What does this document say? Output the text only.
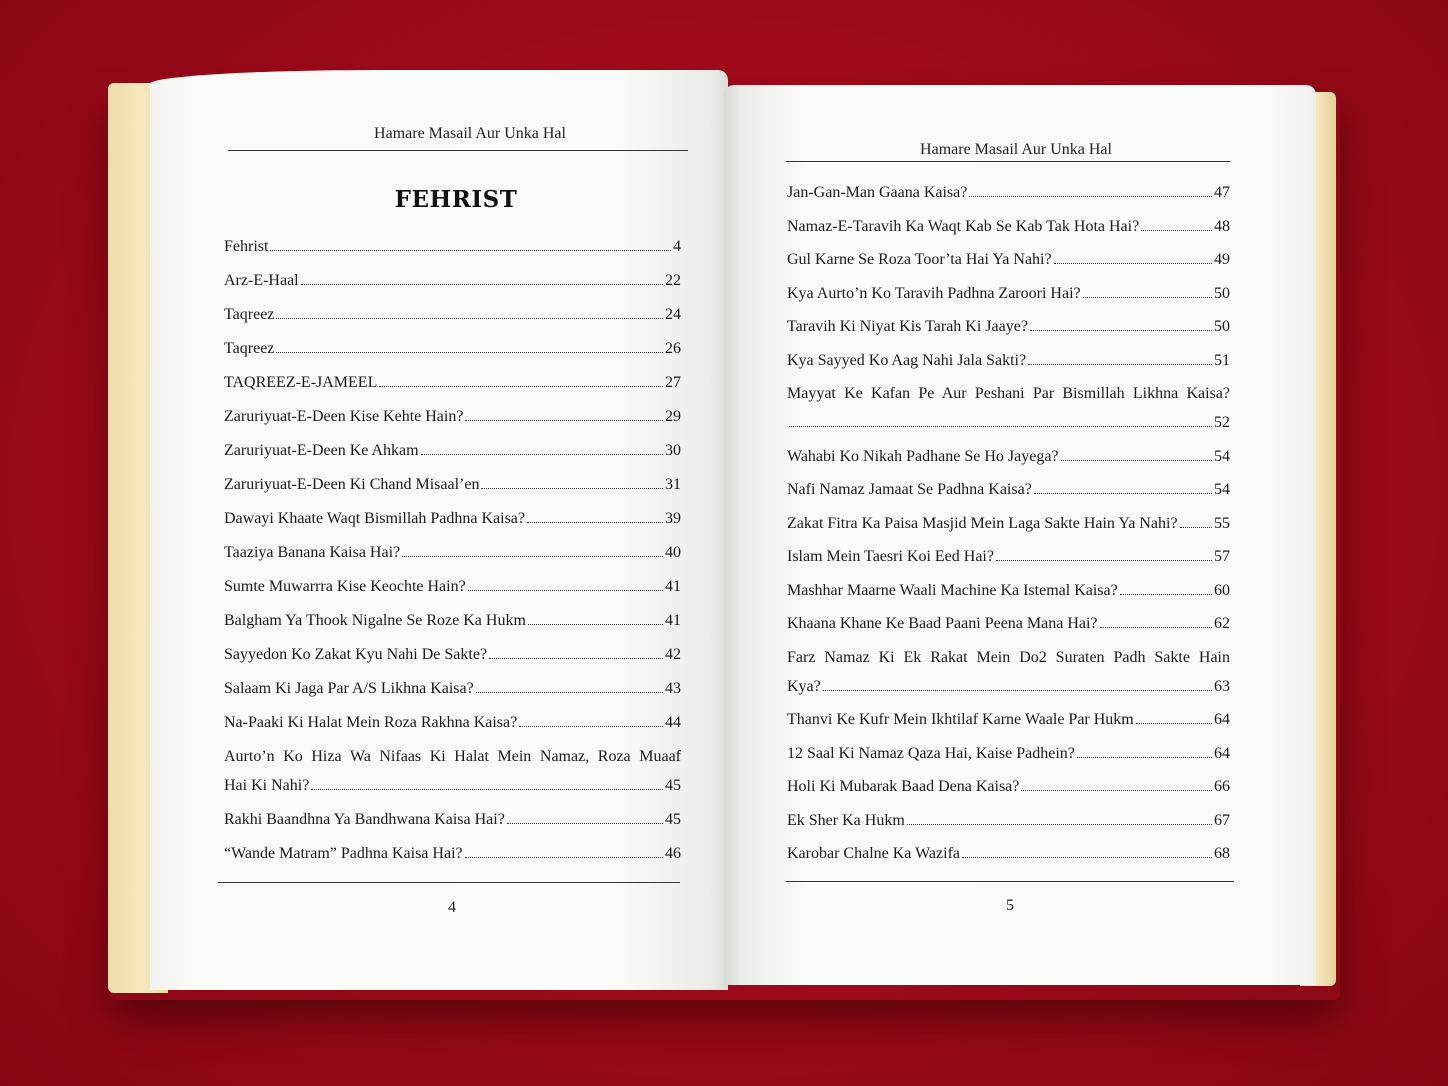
Hamare Masail Aur Unka Hal
FEHRIST
Fehrist	4
Arz-E-Haal	22
Taqreez	24
Taqreez	26
TAQREEZ-E-JAMEEL	27
Zaruriyuat-E-Deen Kise Kehte Hain?	29
Zaruriyuat-E-Deen Ke Ahkam	30
Zaruriyuat-E-Deen Ki Chand Misaal’en	31
Dawayi Khaate Waqt Bismillah Padhna Kaisa?	39
Taaziya Banana Kaisa Hai?	40
Sumte Muwarrra Kise Keochte Hain?	41
Balgham Ya Thook Nigalne Se Roze Ka Hukm	41
Sayyedon Ko Zakat Kyu Nahi De Sakte?	42
Salaam Ki Jaga Par A/S Likhna Kaisa?	43
Na-Paaki Ki Halat Mein Roza Rakhna Kaisa?	44
Aurto’n Ko Hiza Wa Nifaas Ki Halat Mein Namaz, Roza Muaaf
Hai Ki Nahi?	45
Rakhi Baandhna Ya Bandhwana Kaisa Hai?	45
“Wande Matram” Padhna Kaisa Hai?	46
4
Hamare Masail Aur Unka Hal
Jan-Gan-Man Gaana Kaisa?	47
Namaz-E-Taravih Ka Waqt Kab Se Kab Tak Hota Hai?	48
Gul Karne Se Roza Toor’ta Hai Ya Nahi?	49
Kya Aurto’n Ko Taravih Padhna Zaroori Hai?	50
Taravih Ki Niyat Kis Tarah Ki Jaaye?	50
Kya Sayyed Ko Aag Nahi Jala Sakti?	51
Mayyat Ke Kafan Pe Aur Peshani Par Bismillah Likhna Kaisa?
52
Wahabi Ko Nikah Padhane Se Ho Jayega?	54
Nafi Namaz Jamaat Se Padhna Kaisa?	54
Zakat Fitra Ka Paisa Masjid Mein Laga Sakte Hain Ya Nahi? 55
Islam Mein Taesri Koi Eed Hai?	57
Mashhar Maarne Waali Machine Ka Istemal Kaisa?	60
Khaana Khane Ke Baad Paani Peena Mana Hai?	62
Farz Namaz Ki Ek Rakat Mein Do2 Suraten Padh Sakte Hain
Kya?	63
Thanvi Ke Kufr Mein Ikhtilaf Karne Waale Par Hukm	64
12 Saal Ki Namaz Qaza Hai, Kaise Padhein?	64
Holi Ki Mubarak Baad Dena Kaisa?	66
Ek Sher Ka Hukm	67
Karobar Chalne Ka Wazifa	68
5
